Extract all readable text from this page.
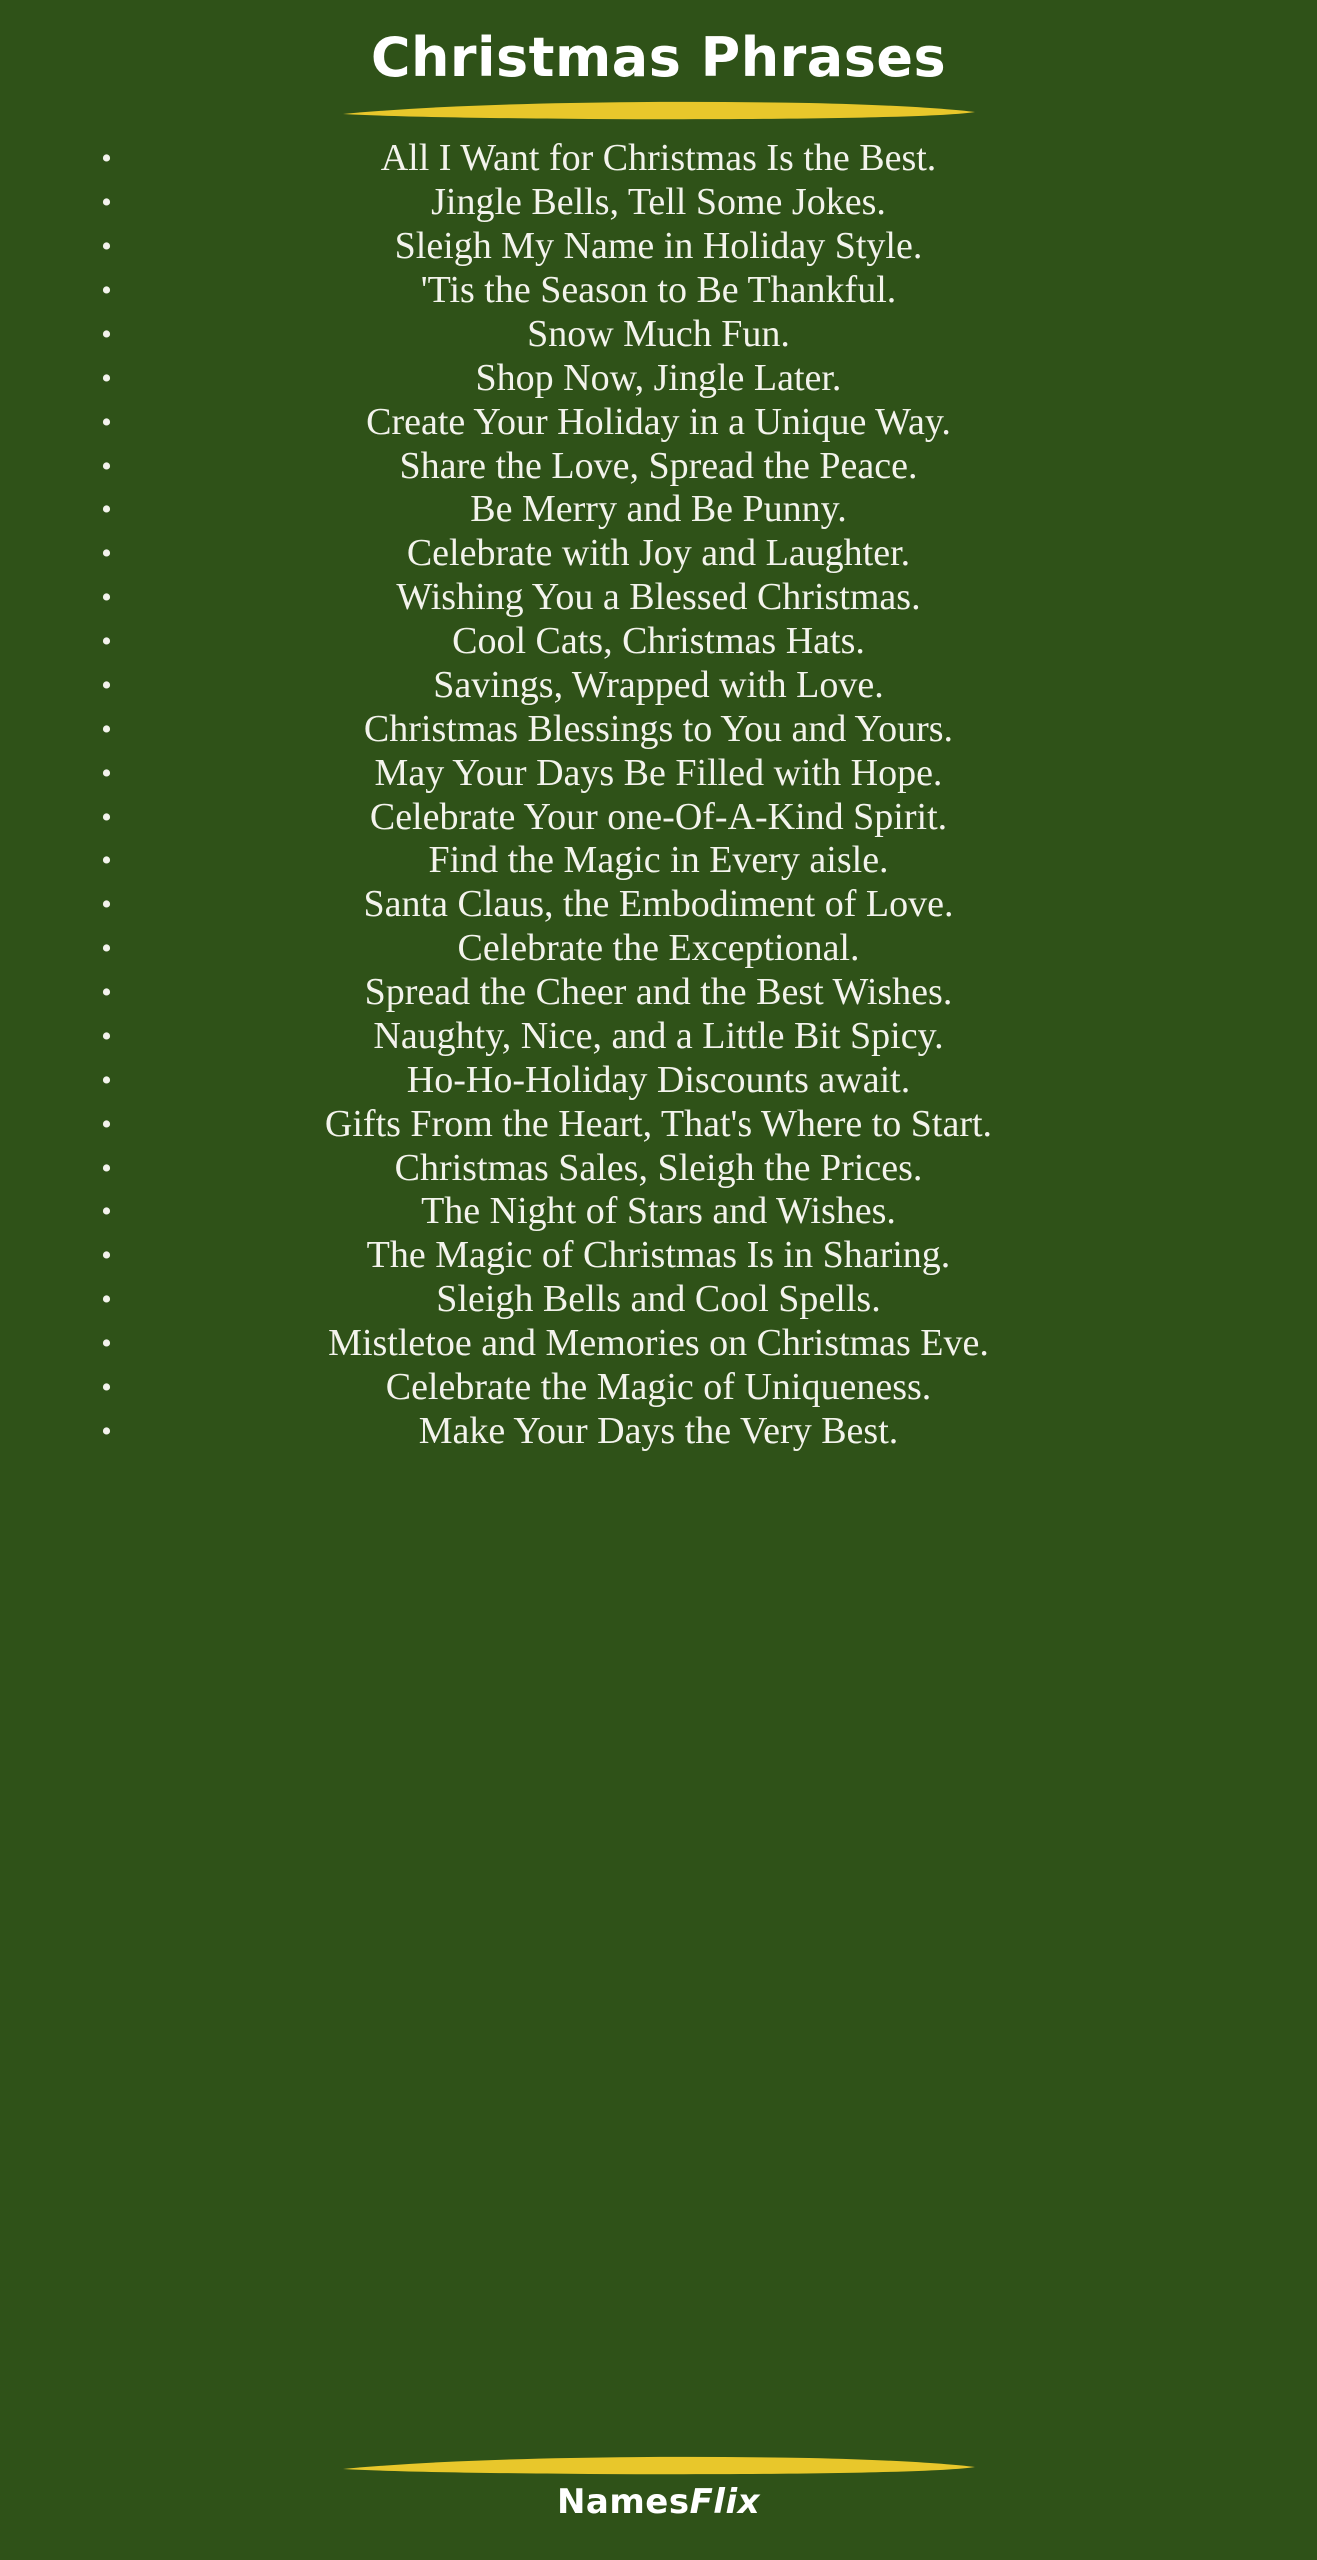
Christmas Phrases
•	All I Want for Christmas Is the Best.
•	Jingle Bells, Tell Some Jokes.
•	Sleigh My Name in Holiday Style.
•	'Tis the Season to Be Thankful.
•	Snow Much Fun.
•	Shop Now, Jingle Later.
•	Create Your Holiday in a Unique Way.
•	Share the Love, Spread the Peace.
•	Be Merry and Be Punny.
•	Celebrate with Joy and Laughter.
•	Wishing You a Blessed Christmas.
•	Cool Cats, Christmas Hats.
•	Savings, Wrapped with Love.
•	Christmas Blessings to You and Yours.
•	May Your Days Be Filled with Hope.
•	Celebrate Your one-Of-A-Kind Spirit.
•	Find the Magic in Every aisle.
•	Santa Claus, the Embodiment of Love.
•	Celebrate the Exceptional.
•	Spread the Cheer and the Best Wishes.
•	Naughty, Nice, and a Little Bit Spicy.
•	Ho-Ho-Holiday Discounts await.
•	Gifts From the Heart, That's Where to Start.
•	Christmas Sales, Sleigh the Prices.
•	The Night of Stars and Wishes.
•	The Magic of Christmas Is in Sharing.
•	Sleigh Bells and Cool Spells.
•	Mistletoe and Memories on Christmas Eve.
•	Celebrate the Magic of Uniqueness.
•	Make Your Days the Very Best.
NamesFlix
